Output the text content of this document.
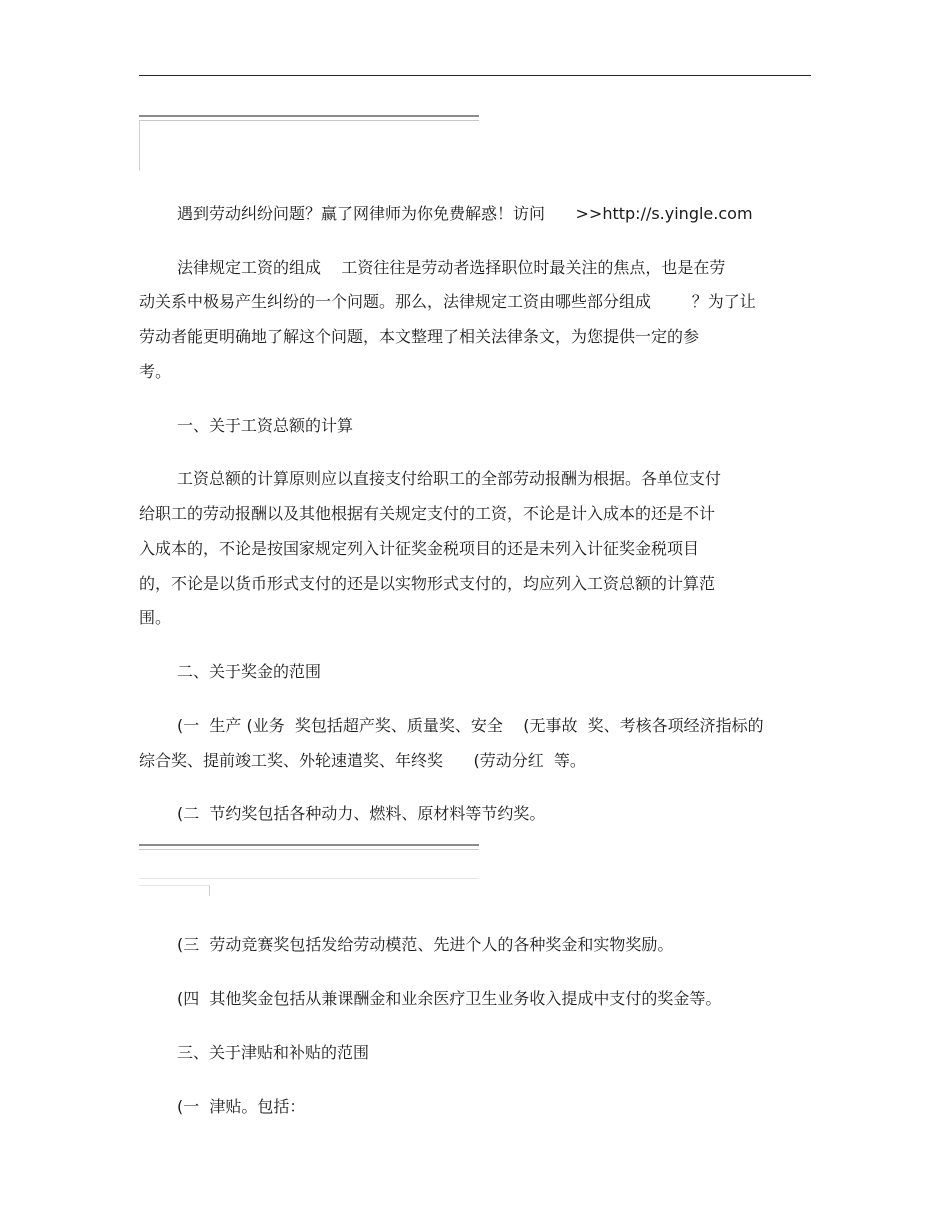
遇到劳动纠纷问题？赢了网律师为你免费解惑！访问      >>http://s.yingle.com
法律规定工资的组成    工资往往是劳动者选择职位时最关注的焦点，也是在劳
动关系中极易产生纠纷的一个问题。那么，法律规定工资由哪些部分组成        ？为了让
劳动者能更明确地了解这个问题，本文整理了相关法律条文，为您提供一定的参
考。
一、关于工资总额的计算
工资总额的计算原则应以直接支付给职工的全部劳动报酬为根据。各单位支付
给职工的劳动报酬以及其他根据有关规定支付的工资，不论是计入成本的还是不计
入成本的，不论是按国家规定列入计征奖金税项目的还是未列入计征奖金税项目
的，不论是以货币形式支付的还是以实物形式支付的，均应列入工资总额的计算范
围。
二、关于奖金的范围
(一  生产 (业务  奖包括超产奖、质量奖、安全    (无事故  奖、考核各项经济指标的
综合奖、提前竣工奖、外轮速遣奖、年终奖      (劳动分红  等。
(二  节约奖包括各种动力、燃料、原材料等节约奖。
(三  劳动竞赛奖包括发给劳动模范、先进个人的各种奖金和实物奖励。
(四  其他奖金包括从兼课酬金和业余医疗卫生业务收入提成中支付的奖金等。
三、关于津贴和补贴的范围
(一  津贴。包括：
